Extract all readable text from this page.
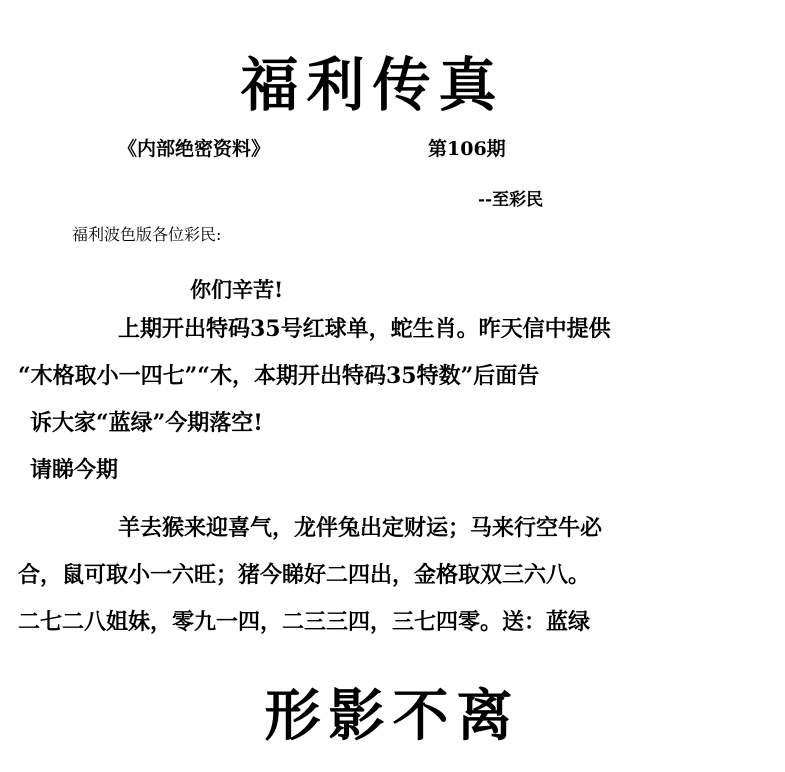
福利传真
《内部绝密资料》	第106期
--至彩民
福利波色版各位彩民:
你们辛苦!
上期开出特码35号红球单，蛇生肖。昨天信中提供
“木格取小一四七”“木，本期开出特码35特数”后面告
诉大家“蓝绿”今期落空!
请睇今期
羊去猴来迎喜气，龙伴兔出定财运；马来行空牛必
合，鼠可取小一六旺；猪今睇好二四出，金格取双三六八。
二七二八姐妹，零九一四，二三三四，三七四零。送：蓝绿
形影不离
